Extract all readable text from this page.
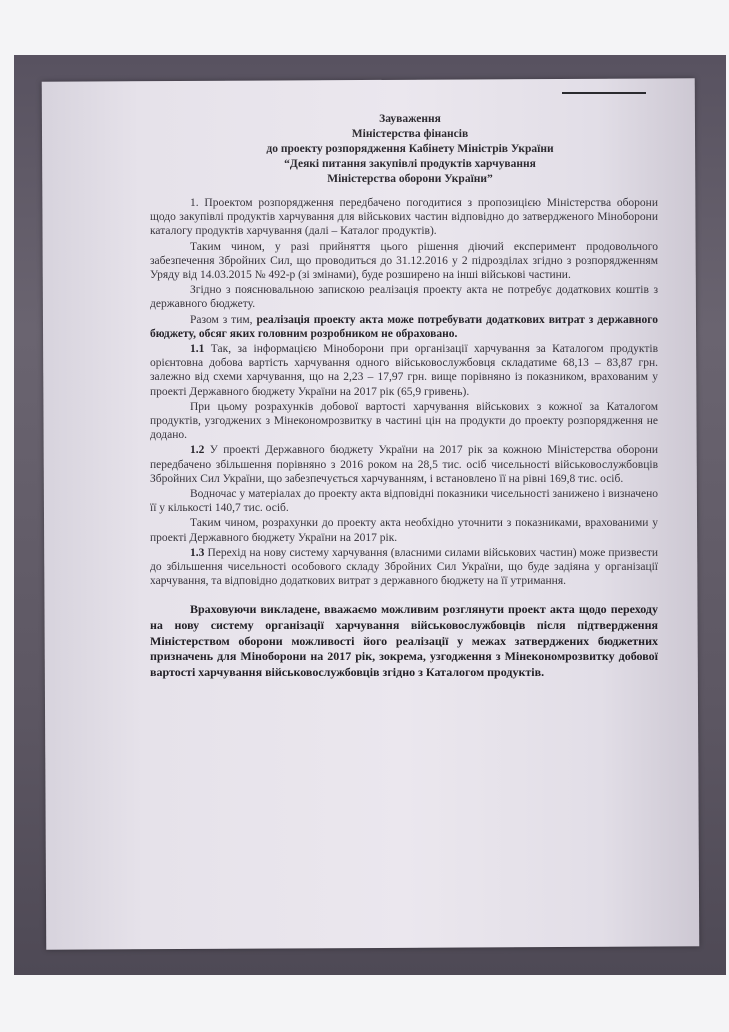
Зауваження
Міністерства фінансів
до проекту розпорядження Кабінету Міністрів України
“Деякі питання закупівлі продуктів харчування
Міністерства оборони України”

1. Проектом розпорядження передбачено погодитися з пропозицією Міністерства оборони щодо закупівлі продуктів харчування для військових частин відповідно до затвердженого Міноборони каталогу продуктів харчування (далі – Каталог продуктів).

Таким чином, у разі прийняття цього рішення діючий експеримент продовольчого забезпечення Збройних Сил, що проводиться до 31.12.2016 у 2 підрозділах згідно з розпорядженням Уряду від 14.03.2015 № 492-р (зі змінами), буде розширено на інші військові частини.

Згідно з пояснювальною запискою реалізація проекту акта не потребує додаткових коштів з державного бюджету.

Разом з тим, реалізація проекту акта може потребувати додаткових витрат з державного бюджету, обсяг яких головним розробником не обраховано.

1.1 Так, за інформацією Міноборони при організації харчування за Каталогом продуктів орієнтовна добова вартість харчування одного військовослужбовця складатиме 68,13 – 83,87 грн. залежно від схеми харчування, що на 2,23 – 17,97 грн. вище порівняно із показником, врахованим у проекті Державного бюджету України на 2017 рік (65,9 гривень).

При цьому розрахунків добової вартості харчування військових з кожної за Каталогом продуктів, узгоджених з Мінекономрозвитку в частині цін на продукти до проекту розпорядження не додано.

1.2 У проекті Державного бюджету України на 2017 рік за кожною Міністерства оборони передбачено збільшення порівняно з 2016 роком на 28,5 тис. осіб чисельності військовослужбовців Збройних Сил України, що забезпечується харчуванням, і встановлено її на рівні 169,8 тис. осіб.

Водночас у матеріалах до проекту акта відповідні показники чисельності занижено і визначено її у кількості 140,7 тис. осіб.

Таким чином, розрахунки до проекту акта необхідно уточнити з показниками, врахованими у проекті Державного бюджету України на 2017 рік.

1.3 Перехід на нову систему харчування (власними силами військових частин) може призвести до збільшення чисельності особового складу Збройних Сил України, що буде задіяна у організації харчування, та відповідно додаткових витрат з державного бюджету на її утримання.

Враховуючи викладене, вважаємо можливим розглянути проект акта щодо переходу на нову систему організації харчування військовослужбовців після підтвердження Міністерством оборони можливості його реалізації у межах затверджених бюджетних призначень для Міноборони на 2017 рік, зокрема, узгодження з Мінекономрозвитку добової вартості харчування військовослужбовців згідно з Каталогом продуктів.
